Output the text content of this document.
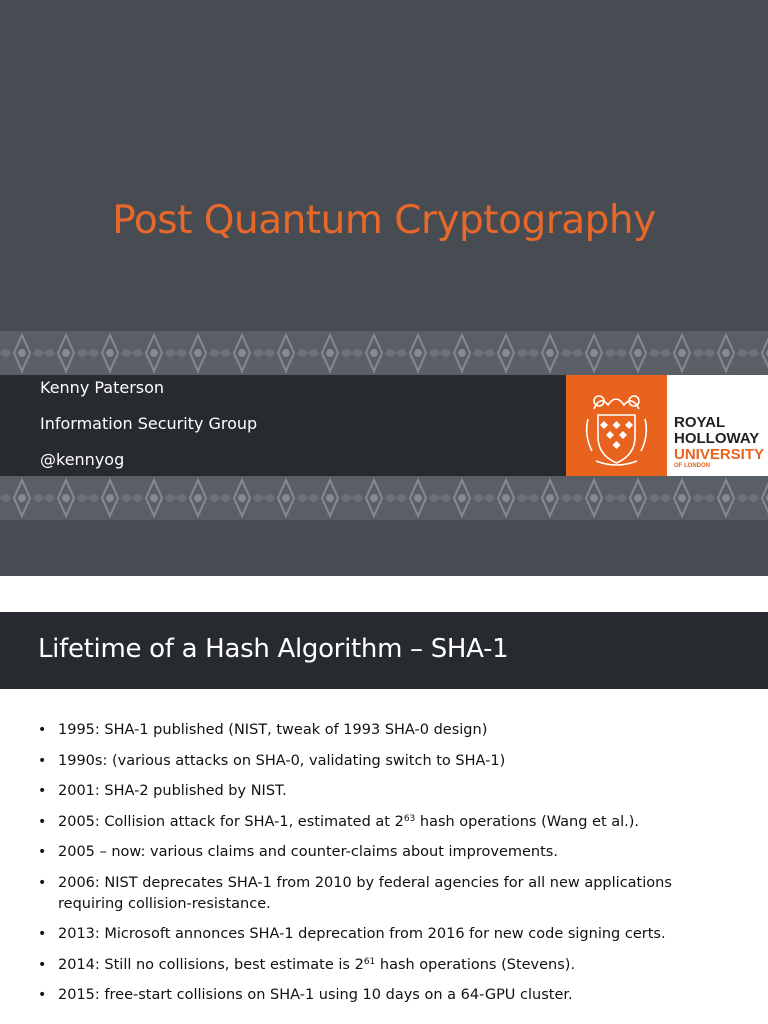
Post Quantum Cryptography
Kenny Paterson
Information Security Group
@kennyog
ROYAL
HOLLOWAY
UNIVERSITY
OF LONDON
Lifetime of a Hash Algorithm – SHA-1
• 1995: SHA-1 published (NIST, tweak of 1993 SHA-0 design)
• 1990s: (various attacks on SHA-0, validating switch to SHA-1)
• 2001: SHA-2 published by NIST.
• 2005: Collision attack for SHA-1, estimated at $2^{63}$ hash operations (Wang et al.).
• 2005 – now: various claims and counter-claims about improvements.
• 2006: NIST deprecates SHA-1 from 2010 by federal agencies for all new applications requiring collision-resistance.
• 2013: Microsoft annonces SHA-1 deprecation from 2016 for new code signing certs.
• 2014: Still no collisions, best estimate is $2^{61}$ hash operations (Stevens).
• 2015: free-start collisions on SHA-1 using 10 days on a 64-GPU cluster.
